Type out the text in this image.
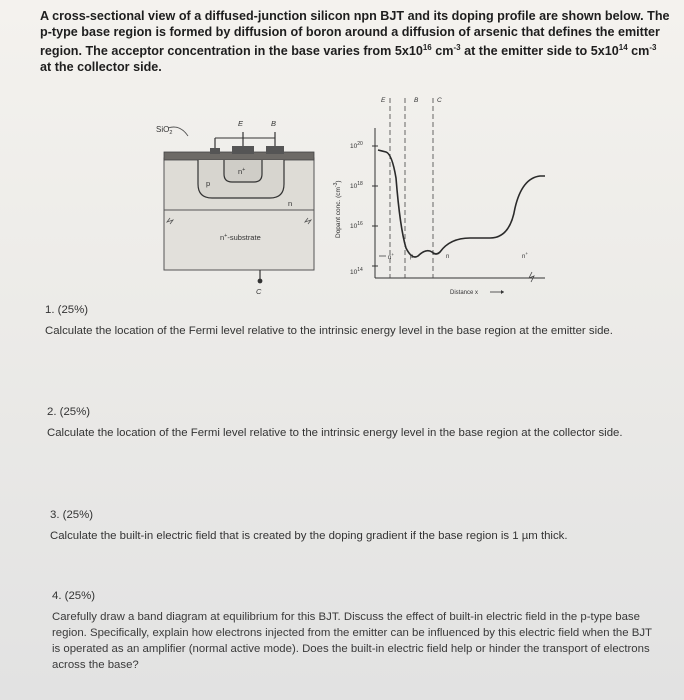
A cross-sectional view of a diffused-junction silicon npn BJT and its doping profile are shown below. The
p-type base region is formed by diffusion of boron around a diffusion of arsenic that defines the emitter
region. The acceptor concentration in the base varies from $5x10^{16}$ $cm^{-3}$ at the emitter side to $5x10^{14}$ $cm^{-3}$
at the collector side.
SiO$_2$
E	B
p
n+
n
n+-substrate
C
$10^{20}$
$10^{18}$
$10^{16}$
$10^{14}$
Dopant conc. $(cm^{-3})$
E	B	C
n+	p	n	n+
Distance x
1. (25%)
Calculate the location of the Fermi level relative to the intrinsic energy level in the base region at the emitter side.
2. (25%)
Calculate the location of the Fermi level relative to the intrinsic energy level in the base region at the collector side.
3. (25%)
Calculate the built-in electric field that is created by the doping gradient if the base region is 1 µm thick.
4. (25%)
Carefully draw a band diagram at equilibrium for this BJT. Discuss the effect of built-in electric field in the p-type base region. Specifically, explain how electrons injected from the emitter can be influenced by this electric field when the BJT is operated as an amplifier (normal active mode). Does the built-in electric field help or hinder the transport of electrons across the base?
